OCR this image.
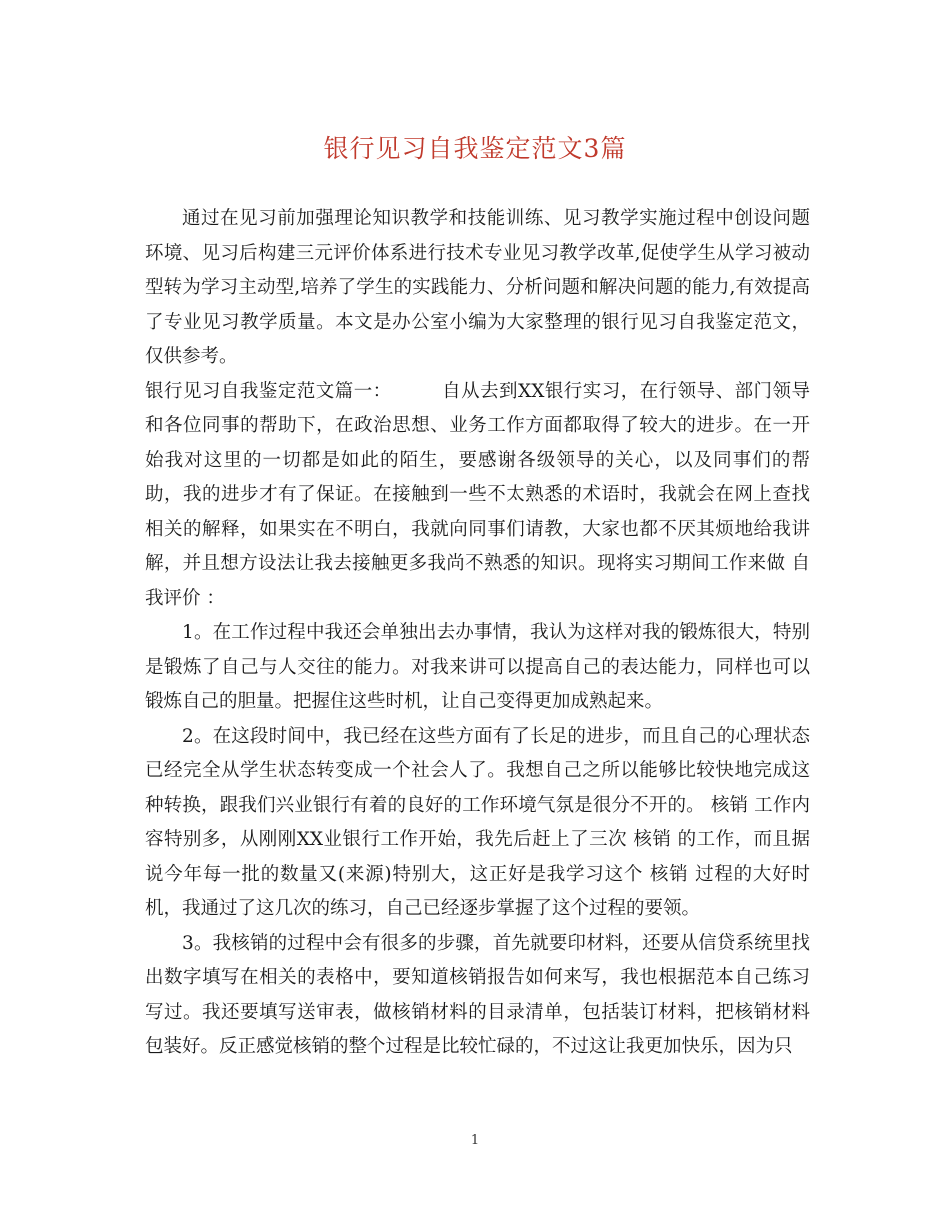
银行见习自我鉴定范文3篇

通过在见习前加强理论知识教学和技能训练、见习教学实施过程中创设问题环境、见习后构建三元评价体系进行技术专业见习教学改革,促使学生从学习被动型转为学习主动型,培养了学生的实践能力、分析问题和解决问题的能力,有效提高了专业见习教学质量。本文是办公室小编为大家整理的银行见习自我鉴定范文，仅供参考。

银行见习自我鉴定范文篇一：	自从去到XX银行实习，在行领导、部门领导和各位同事的帮助下，在政治思想、业务工作方面都取得了较大的进步。在一开始我对这里的一切都是如此的陌生，要感谢各级领导的关心，以及同事们的帮助，我的进步才有了保证。在接触到一些不太熟悉的术语时，我就会在网上查找相关的解释，如果实在不明白，我就向同事们请教，大家也都不厌其烦地给我讲解，并且想方设法让我去接触更多我尚不熟悉的知识。现将实习期间工作来做 自我评价 ：

1。在工作过程中我还会单独出去办事情，我认为这样对我的锻炼很大，特别是锻炼了自己与人交往的能力。对我来讲可以提高自己的表达能力，同样也可以锻炼自己的胆量。把握住这些时机，让自己变得更加成熟起来。

2。在这段时间中，我已经在这些方面有了长足的进步，而且自己的心理状态已经完全从学生状态转变成一个社会人了。我想自己之所以能够比较快地完成这种转换，跟我们兴业银行有着的良好的工作环境气氛是很分不开的。 核销 工作内容特别多，从刚刚XX业银行工作开始，我先后赶上了三次 核销 的工作，而且据说今年每一批的数量又(来源)特别大，这正好是我学习这个 核销 过程的大好时机，我通过了这几次的练习，自己已经逐步掌握了这个过程的要领。

3。我核销的过程中会有很多的步骤，首先就要印材料，还要从信贷系统里找出数字填写在相关的表格中，要知道核销报告如何来写，我也根据范本自己练习写过。我还要填写送审表，做核销材料的目录清单，包括装订材料，把核销材料包装好。反正感觉核销的整个过程是比较忙碌的，不过这让我更加快乐，因为只

1
